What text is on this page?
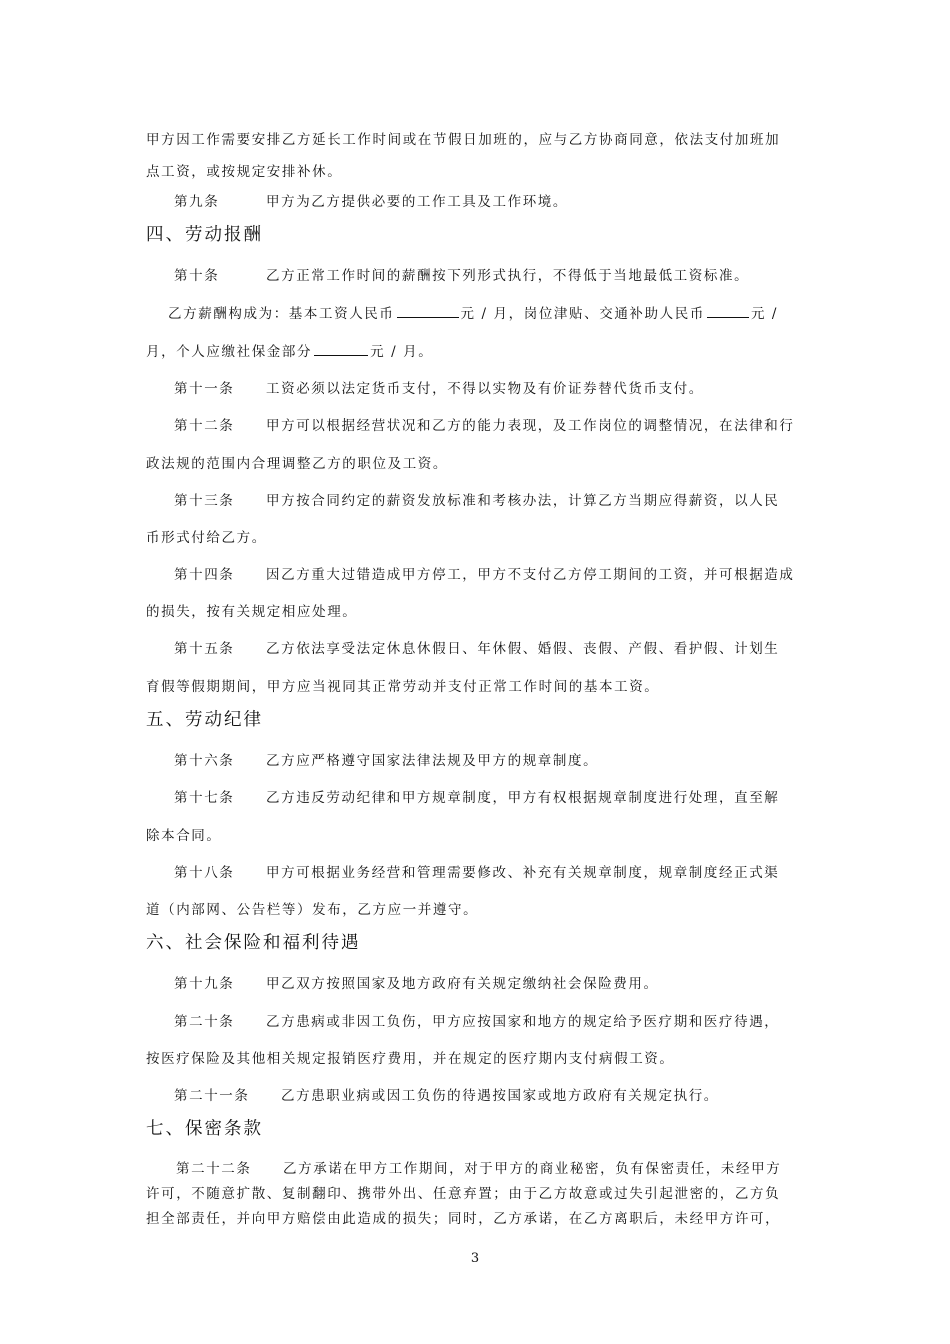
甲方因工作需要安排乙方延长工作时间或在节假日加班的，应与乙方协商同意，依法支付加班加
点工资，或按规定安排补休。
第九条	甲方为乙方提供必要的工作工具及工作环境。
四、劳动报酬
第十条	乙方正常工作时间的薪酬按下列形式执行，不得低于当地最低工资标准。
乙方薪酬构成为：基本工资人民币	元 / 月，岗位津贴、交通补助人民币	元 /
月，个人应缴社保金部分	元 / 月。
第十一条 工资必须以法定货币支付，不得以实物及有价证券替代货币支付。
第十二条 甲方可以根据经营状况和乙方的能力表现，及工作岗位的调整情况，在法律和行
政法规的范围内合理调整乙方的职位及工资。
第十三条 甲方按合同约定的薪资发放标准和考核办法，计算乙方当期应得薪资，以人民
币形式付给乙方。
第十四条 因乙方重大过错造成甲方停工，甲方不支付乙方停工期间的工资，并可根据造成
的损失，按有关规定相应处理。
第十五条 乙方依法享受法定休息休假日、年休假、婚假、丧假、产假、看护假、计划生
育假等假期期间，甲方应当视同其正常劳动并支付正常工作时间的基本工资。
五、劳动纪律
第十六条 乙方应严格遵守国家法律法规及甲方的规章制度。
第十七条 乙方违反劳动纪律和甲方规章制度，甲方有权根据规章制度进行处理，直至解
除本合同。
第十八条 甲方可根据业务经营和管理需要修改、补充有关规章制度，规章制度经正式渠
道（内部网、公告栏等）发布，乙方应一并遵守。
六、社会保险和福利待遇
第十九条 甲乙双方按照国家及地方政府有关规定缴纳社会保险费用。
第二十条 乙方患病或非因工负伤，甲方应按国家和地方的规定给予医疗期和医疗待遇，
按医疗保险及其他相关规定报销医疗费用，并在规定的医疗期内支付病假工资。
第二十一条 乙方患职业病或因工负伤的待遇按国家或地方政府有关规定执行。
七、保密条款
第二十二条 乙方承诺在甲方工作期间，对于甲方的商业秘密，负有保密责任，未经甲方
许可，不随意扩散、复制翻印、携带外出、任意弃置；由于乙方故意或过失引起泄密的，乙方负
担全部责任，并向甲方赔偿由此造成的损失；同时，乙方承诺，在乙方离职后，未经甲方许可，
3
